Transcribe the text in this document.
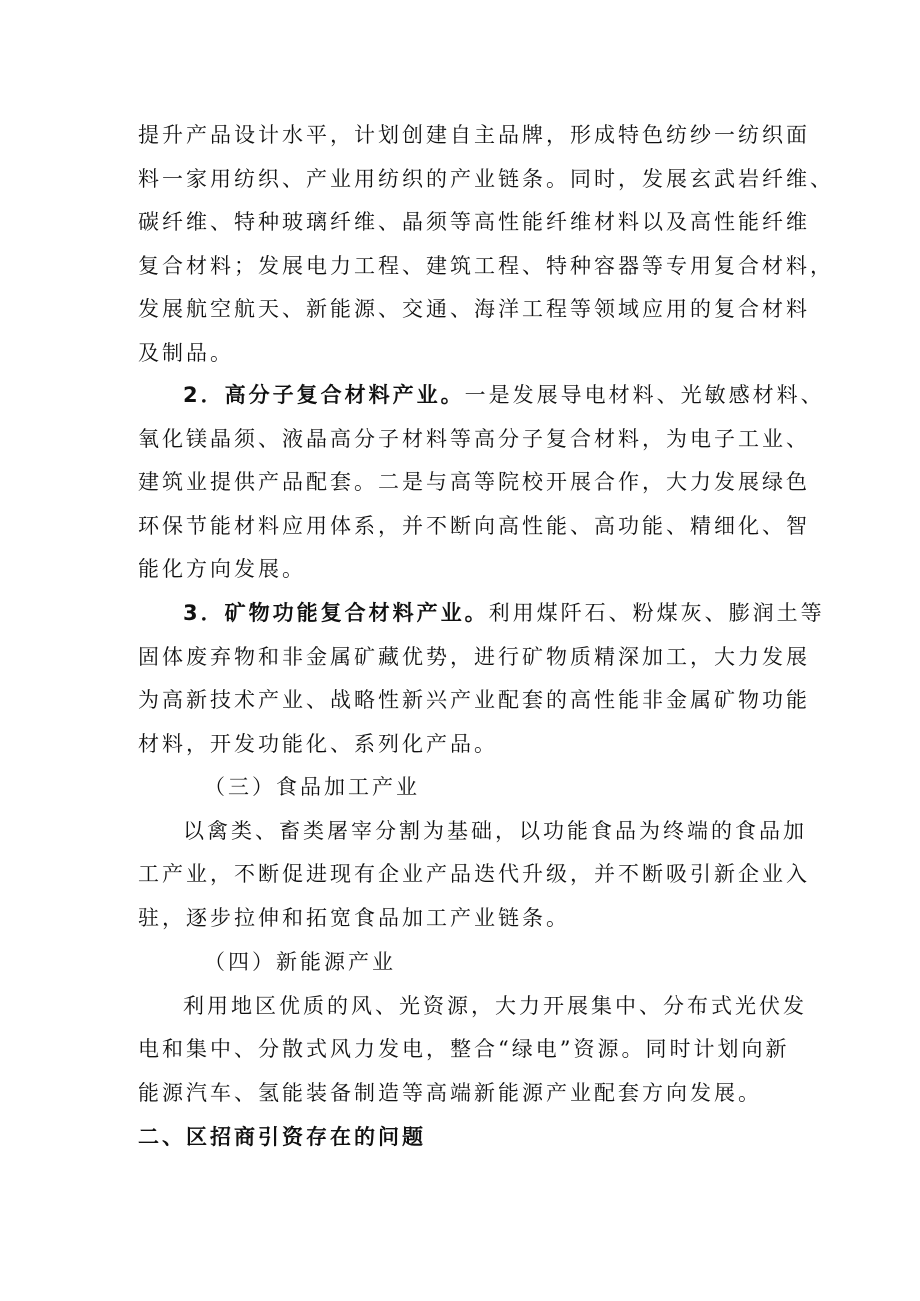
提升产品设计水平，计划创建自主品牌，形成特色纺纱一纺织面
料一家用纺织、产业用纺织的产业链条。同时，发展玄武岩纤维、
碳纤维、特种玻璃纤维、晶须等高性能纤维材料以及高性能纤维
复合材料；发展电力工程、建筑工程、特种容器等专用复合材料，
发展航空航天、新能源、交通、海洋工程等领域应用的复合材料
及制品。
2．高分子复合材料产业。一是发展导电材料、光敏感材料、
氧化镁晶须、液晶高分子材料等高分子复合材料，为电子工业、
建筑业提供产品配套。二是与高等院校开展合作，大力发展绿色
环保节能材料应用体系，并不断向高性能、高功能、精细化、智
能化方向发展。
3．矿物功能复合材料产业。利用煤阡石、粉煤灰、膨润土等
固体废弃物和非金属矿藏优势，进行矿物质精深加工，大力发展
为高新技术产业、战略性新兴产业配套的高性能非金属矿物功能
材料，开发功能化、系列化产品。
（三）食品加工产业
以禽类、畜类屠宰分割为基础，以功能食品为终端的食品加
工产业，不断促进现有企业产品迭代升级，并不断吸引新企业入
驻，逐步拉伸和拓宽食品加工产业链条。
（四）新能源产业
利用地区优质的风、光资源，大力开展集中、分布式光伏发
电和集中、分散式风力发电，整合“绿电”资源。同时计划向新
能源汽车、氢能装备制造等高端新能源产业配套方向发展。
二、区招商引资存在的问题
